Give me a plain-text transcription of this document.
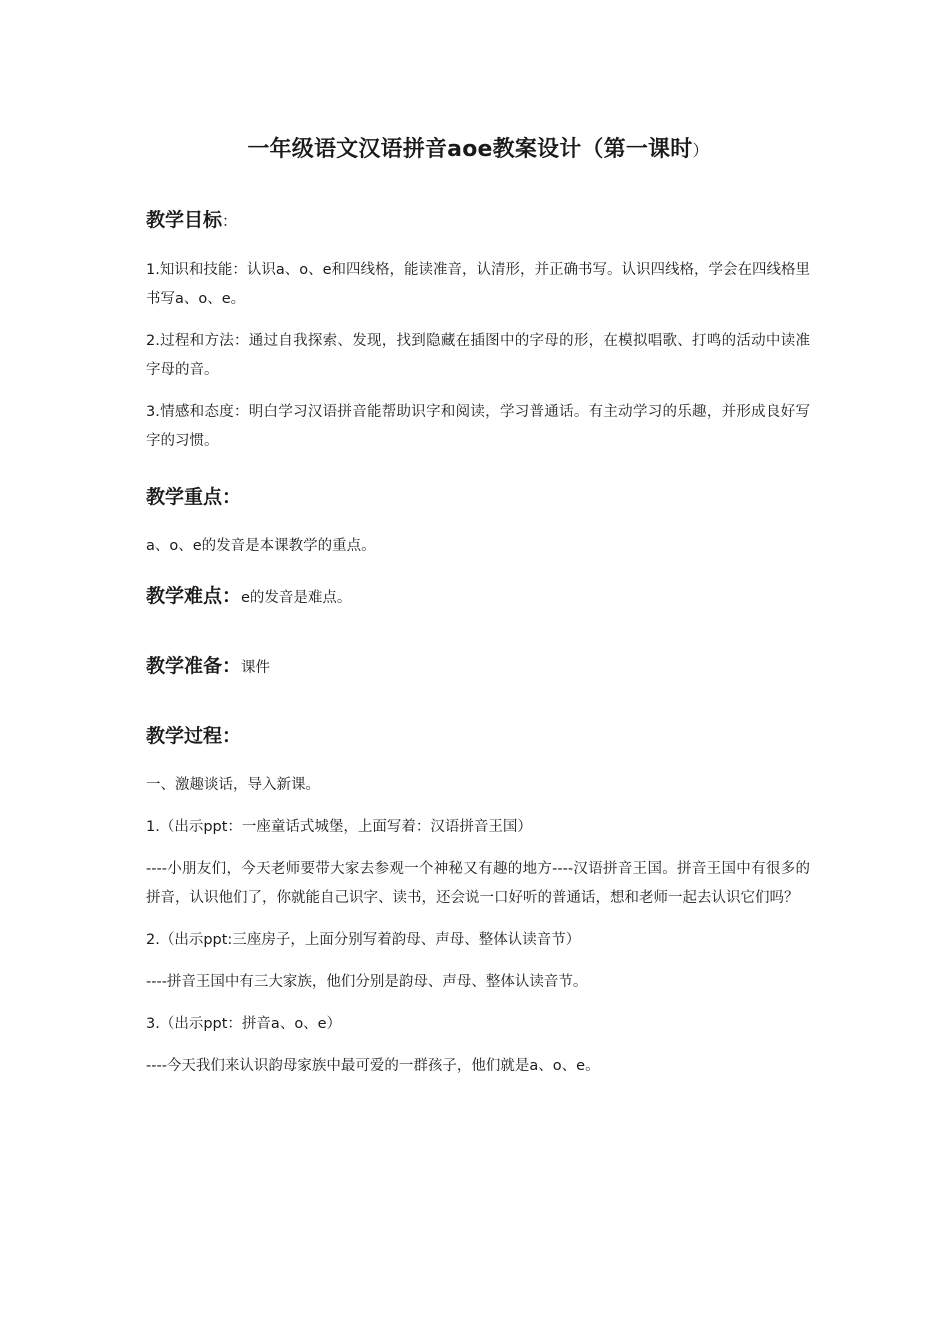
一年级语文汉语拼音aoe教案设计（第一课时）
教学目标：

1.知识和技能：认识a、o、e和四线格，能读准音，认清形，并正确书写。认识四线格，学会在四线格里书写a、o、e。

2.过程和方法：通过自我探索、发现，找到隐藏在插图中的字母的形，在模拟唱歌、打鸣的活动中读准字母的音。

3.情感和态度：明白学习汉语拼音能帮助识字和阅读，学习普通话。有主动学习的乐趣，并形成良好写字的习惯。

教学重点：

a、o、e的发音是本课教学的重点。

教学难点：e的发音是难点。
教学准备：课件
教学过程：

一、激趣谈话，导入新课。

1.（出示ppt：一座童话式城堡，上面写着：汉语拼音王国）

----小朋友们，今天老师要带大家去参观一个神秘又有趣的地方----汉语拼音王国。拼音王国中有很多的拼音，认识他们了，你就能自己识字、读书，还会说一口好听的普通话，想和老师一起去认识它们吗？

2.（出示ppt:三座房子，上面分别写着韵母、声母、整体认读音节）

----拼音王国中有三大家族，他们分别是韵母、声母、整体认读音节。

3.（出示ppt：拼音a、o、e）

----今天我们来认识韵母家族中最可爱的一群孩子，他们就是a、o、e。
